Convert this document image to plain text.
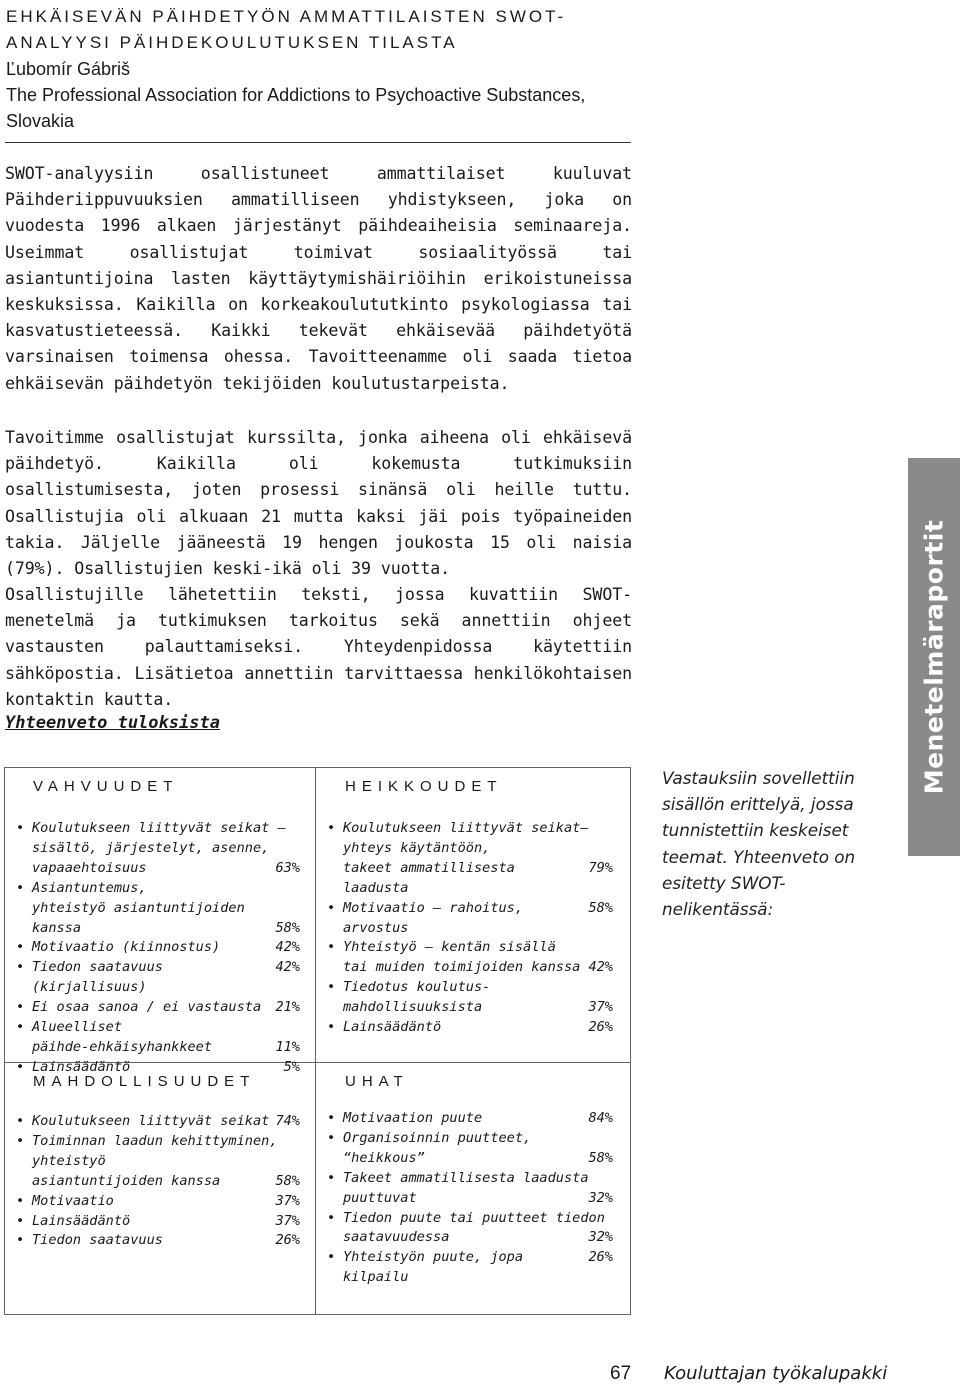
EHKÄISEVÄN PÄIHDETYÖN AMMATTILAISTEN SWOT-
ANALYYSI PÄIHDEKOULUTUKSEN TILASTA
Ľubomír Gábriš
The Professional Association for Addictions to Psychoactive Substances,
Slovakia
SWOT-analyysiin osallistuneet ammattilaiset kuuluvat Päihderiippuvuuksien ammatilliseen yhdistykseen, joka on vuodesta 1996 alkaen järjestänyt päihdeaiheisia seminaareja. Useimmat osallistujat toimivat sosiaalityössä tai asiantuntijoina lasten käyttäytymishäiriöihin erikoistuneissa keskuksissa. Kaikilla on korkeakoulututkinto psykologiassa tai kasvatustieteessä. Kaikki tekevät ehkäisevää päihdetyötä varsinaisen toimensa ohessa. Tavoitteenamme oli saada tietoa ehkäisevän päihdetyön tekijöiden koulutustarpeista.
Tavoitimme osallistujat kurssilta, jonka aiheena oli ehkäisevä päihdetyö. Kaikilla oli kokemusta tutkimuksiin osallistumisesta, joten prosessi sinänsä oli heille tuttu. Osallistujia oli alkuaan 21 mutta kaksi jäi pois työpaineiden takia. Jäljelle jääneestä 19 hengen joukosta 15 oli naisia (79%). Osallistujien keski-ikä oli 39 vuotta.
Osallistujille lähetettiin teksti, jossa kuvattiin SWOT-menetelmä ja tutkimuksen tarkoitus sekä annettiin ohjeet vastausten palauttamiseksi. Yhteydenpidossa käytettiin sähköpostia. Lisätietoa annettiin tarvittaessa henkilökohtaisen kontaktin kautta.
Yhteenveto tuloksista
VAHVUUDET
• Koulutukseen liittyvät seikat —
sisältö, järjestelyt, asenne,
vapaaehtoisuus	63%
• Asiantuntemus,
yhteistyö asiantuntijoiden
kanssa	58%
• Motivaatio (kiinnostus)	42%
• Tiedon saatavuus (kirjallisuus)
42%
• Ei osaa sanoa / ei vastausta 21%
• Alueelliset
päihde-ehkäisyhankkeet	11%
• Lainsäädäntö	5%
HEIKKOUDET
• Koulutukseen liittyvät seikat–
yhteys käytäntöön,
takeet ammatillisesta laadusta
79%
• Motivaatio – rahoitus, arvostus
58%
• Yhteistyö – kentän sisällä
tai muiden toimijoiden kanssa 42%
• Tiedotus koulutus-
mahdollisuuksista	37%
• Lainsäädäntö	26%
MAHDOLLISUUDET
• Koulutukseen liittyvät seikat 74%
• Toiminnan laadun kehittyminen,
yhteistyö
asiantuntijoiden kanssa	58%
• Motivaatio	37%
• Lainsäädäntö	37%
• Tiedon saatavuus	26%
UHAT
• Motivaation puute	84%
• Organisoinnin puutteet,
“heikkous”	58%
• Takeet ammatillisesta laadusta
puuttuvat	32%
• Tiedon puute tai puutteet tiedon
saatavuudessa	32%
• Yhteistyön puute, jopa kilpailu
26%
Vastauksiin sovellettiin sisällön erittelyä, jossa tunnistettiin keskeiset teemat. Yhteenveto on esitetty SWOT-nelikentässä:
Menetelmäraportit
67 Kouluttajan työkalupakki
